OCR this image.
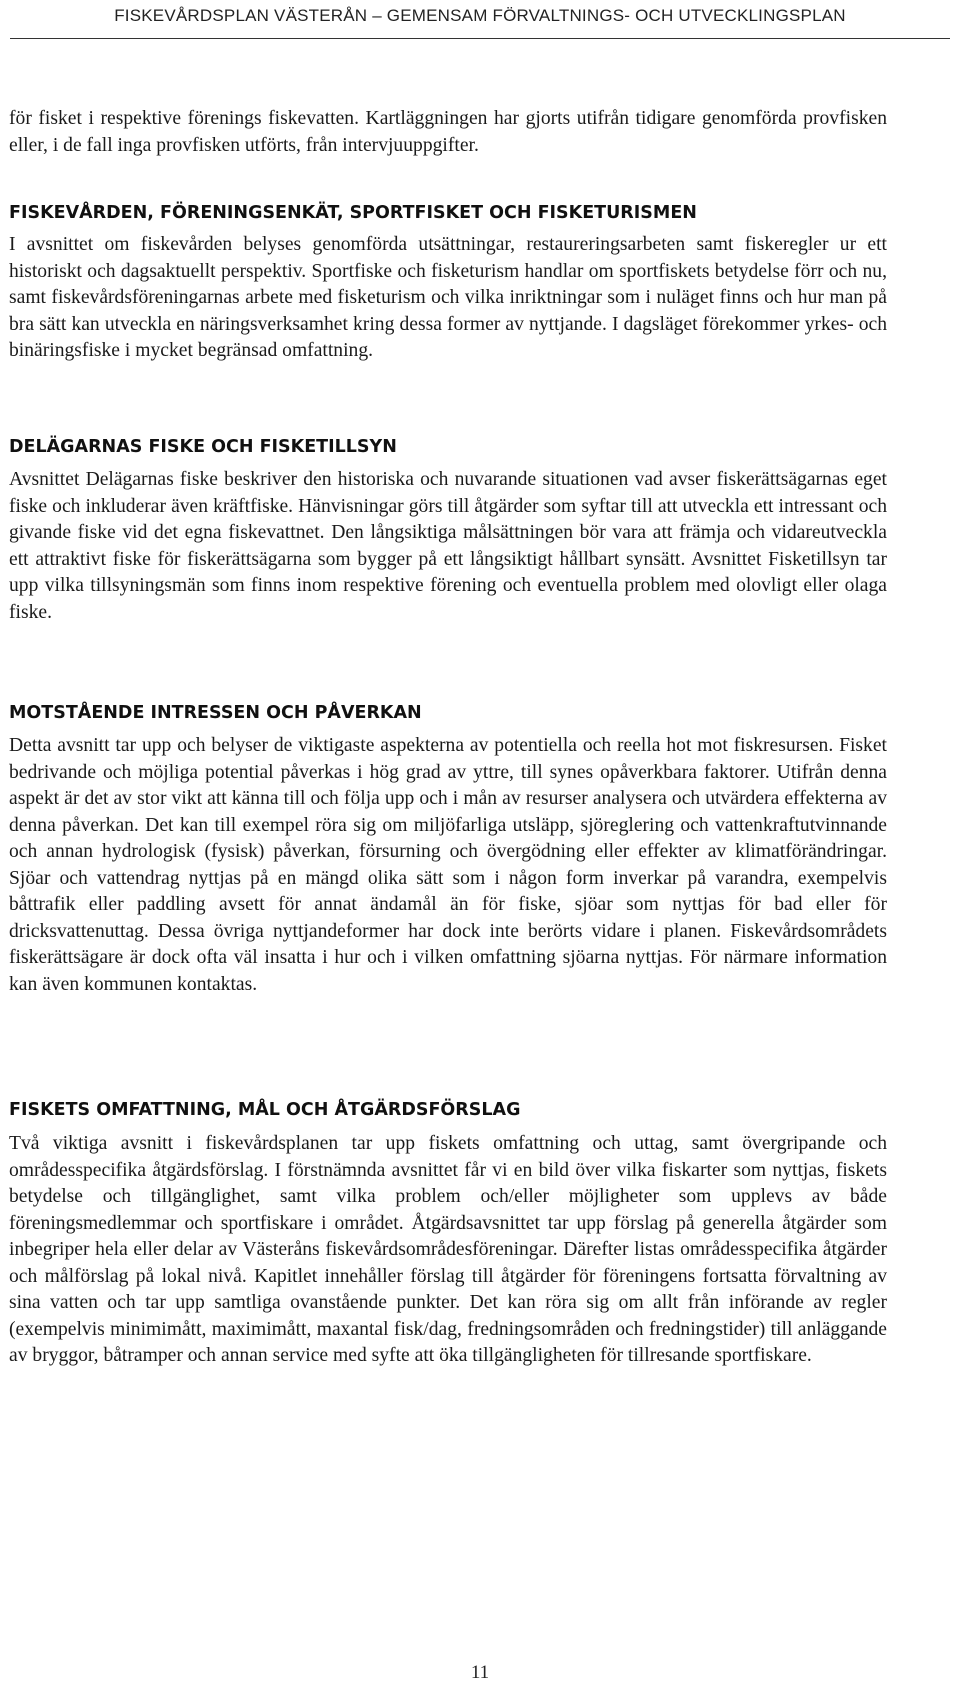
FISKEVÅRDSPLAN VÄSTERÅN – GEMENSAM FÖRVALTNINGS- OCH UTVECKLINGSPLAN

för fisket i respektive förenings fiskevatten. Kartläggningen har gjorts utifrån tidigare genomförda provfisken eller, i de fall inga provfisken utförts, från intervjuuppgifter.

FISKEVÅRDEN, FÖRENINGSENKÄT, SPORTFISKET OCH FISKETURISMEN

I avsnittet om fiskevården belyses genomförda utsättningar, restaureringsarbeten samt fiskeregler ur ett historiskt och dagsaktuellt perspektiv. Sportfiske och fisketurism handlar om sportfiskets betydelse förr och nu, samt fiskevårdsföreningarnas arbete med fisketurism och vilka inriktningar som i nuläget finns och hur man på bra sätt kan utveckla en näringsverksamhet kring dessa former av nyttjande. I dagsläget förekommer yrkes- och binäringsfiske i mycket begränsad omfattning.

DELÄGARNAS FISKE OCH FISKETILLSYN

Avsnittet Delägarnas fiske beskriver den historiska och nuvarande situationen vad avser fiskerättsägarnas eget fiske och inkluderar även kräftfiske. Hänvisningar görs till åtgärder som syftar till att utveckla ett intressant och givande fiske vid det egna fiskevattnet. Den långsiktiga målsättningen bör vara att främja och vidareutveckla ett attraktivt fiske för fiskerättsägarna som bygger på ett långsiktigt hållbart synsätt. Avsnittet Fisketillsyn tar upp vilka tillsyningsmän som finns inom respektive förening och eventuella problem med olovligt eller olaga fiske.

MOTSTÅENDE INTRESSEN OCH PÅVERKAN

Detta avsnitt tar upp och belyser de viktigaste aspekterna av potentiella och reella hot mot fiskresursen. Fisket bedrivande och möjliga potential påverkas i hög grad av yttre, till synes opåverkbara faktorer. Utifrån denna aspekt är det av stor vikt att känna till och följa upp och i mån av resurser analysera och utvärdera effekterna av denna påverkan. Det kan till exempel röra sig om miljöfarliga utsläpp, sjöreglering och vattenkraftutvinnande och annan hydrologisk (fysisk) påverkan, försurning och övergödning eller effekter av klimatförändringar. Sjöar och vattendrag nyttjas på en mängd olika sätt som i någon form inverkar på varandra, exempelvis båttrafik eller paddling avsett för annat ändamål än för fiske, sjöar som nyttjas för bad eller för dricksvattenuttag. Dessa övriga nyttjandeformer har dock inte berörts vidare i planen. Fiskevårdsområdets fiskerättsägare är dock ofta väl insatta i hur och i vilken omfattning sjöarna nyttjas. För närmare information kan även kommunen kontaktas.

FISKETS OMFATTNING, MÅL OCH ÅTGÄRDSFÖRSLAG

Två viktiga avsnitt i fiskevårdsplanen tar upp fiskets omfattning och uttag, samt övergripande och områdesspecifika åtgärdsförslag. I förstnämnda avsnittet får vi en bild över vilka fiskarter som nyttjas, fiskets betydelse och tillgänglighet, samt vilka problem och/eller möjligheter som upplevs av både föreningsmedlemmar och sportfiskare i området. Åtgärdsavsnittet tar upp förslag på generella åtgärder som inbegriper hela eller delar av Västeråns fiskevårdsområdesföreningar. Därefter listas områdesspecifika åtgärder och målförslag på lokal nivå. Kapitlet innehåller förslag till åtgärder för föreningens fortsatta förvaltning av sina vatten och tar upp samtliga ovanstående punkter. Det kan röra sig om allt från införande av regler (exempelvis minimimått, maximimått, maxantal fisk/dag, fredningsområden och fredningstider) till anläggande av bryggor, båtramper och annan service med syfte att öka tillgängligheten för tillresande sportfiskare.

11
